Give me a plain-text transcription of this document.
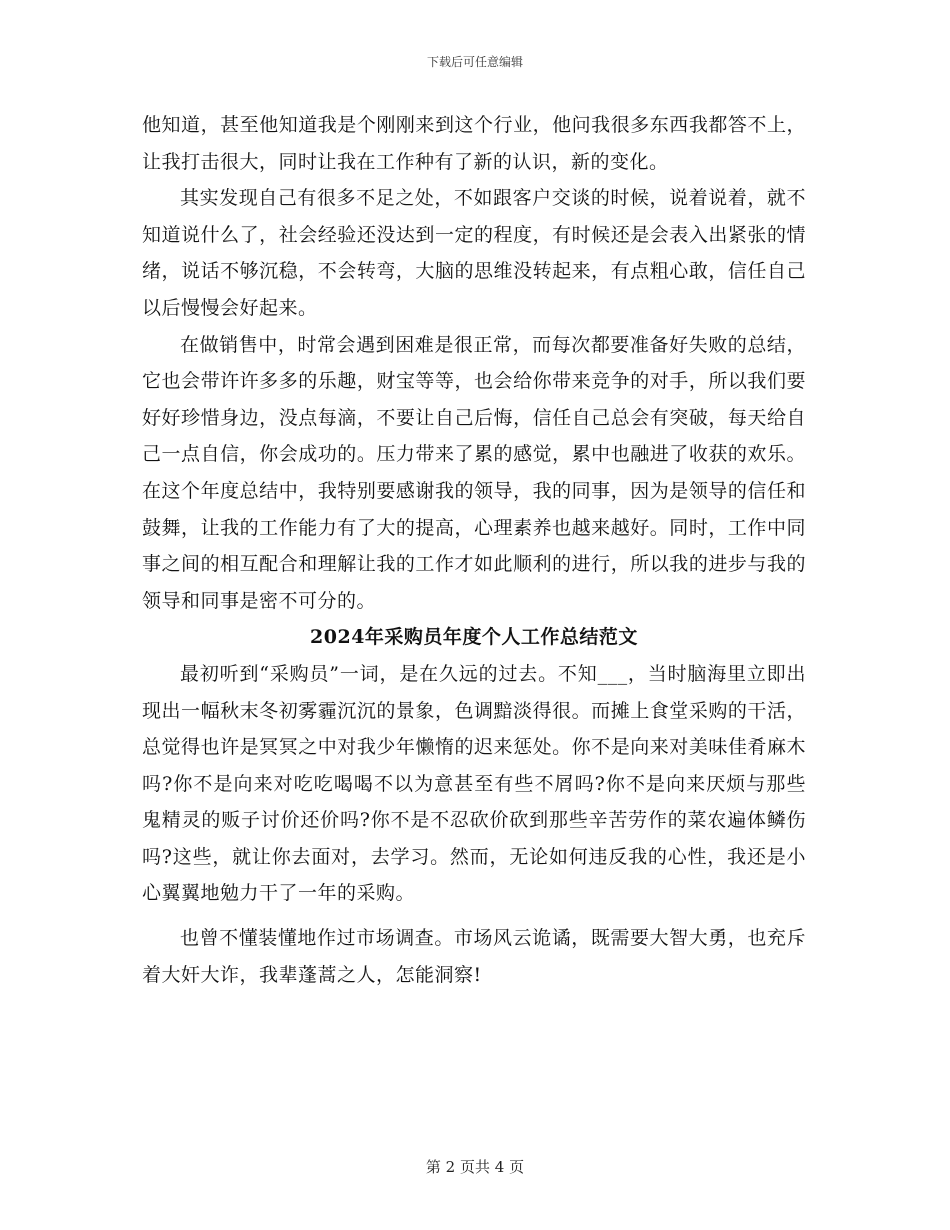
下载后可任意编辑

他知道，甚至他知道我是个刚刚来到这个行业，他问我很多东西我都答不上，让我打击很大，同时让我在工作种有了新的认识，新的变化。

其实发现自己有很多不足之处，不如跟客户交谈的时候，说着说着，就不知道说什么了，社会经验还没达到一定的程度，有时候还是会表入出紧张的情绪，说话不够沉稳，不会转弯，大脑的思维没转起来，有点粗心敢，信任自己以后慢慢会好起来。

在做销售中，时常会遇到困难是很正常，而每次都要准备好失败的总结，它也会带许许多多的乐趣，财宝等等，也会给你带来竞争的对手，所以我们要好好珍惜身边，没点每滴，不要让自己后悔，信任自己总会有突破，每天给自己一点自信，你会成功的。压力带来了累的感觉，累中也融进了收获的欢乐。在这个年度总结中，我特别要感谢我的领导，我的同事，因为是领导的信任和鼓舞，让我的工作能力有了大的提高，心理素养也越来越好。同时，工作中同事之间的相互配合和理解让我的工作才如此顺利的进行，所以我的进步与我的领导和同事是密不可分的。

2024年采购员年度个人工作总结范文

最初听到“采购员”一词，是在久远的过去。不知___，当时脑海里立即出现出一幅秋末冬初雾霾沉沉的景象，色调黯淡得很。而摊上食堂采购的干活，总觉得也许是冥冥之中对我少年懒惰的迟来惩处。你不是向来对美味佳肴麻木吗?你不是向来对吃吃喝喝不以为意甚至有些不屑吗?你不是向来厌烦与那些鬼精灵的贩子讨价还价吗?你不是不忍砍价砍到那些辛苦劳作的菜农遍体鳞伤吗?这些，就让你去面对，去学习。然而，无论如何违反我的心性，我还是小心翼翼地勉力干了一年的采购。

也曾不懂装懂地作过市场调查。市场风云诡谲，既需要大智大勇，也充斥着大奸大诈，我辈蓬蒿之人，怎能洞察!

第 2 页共 4 页
